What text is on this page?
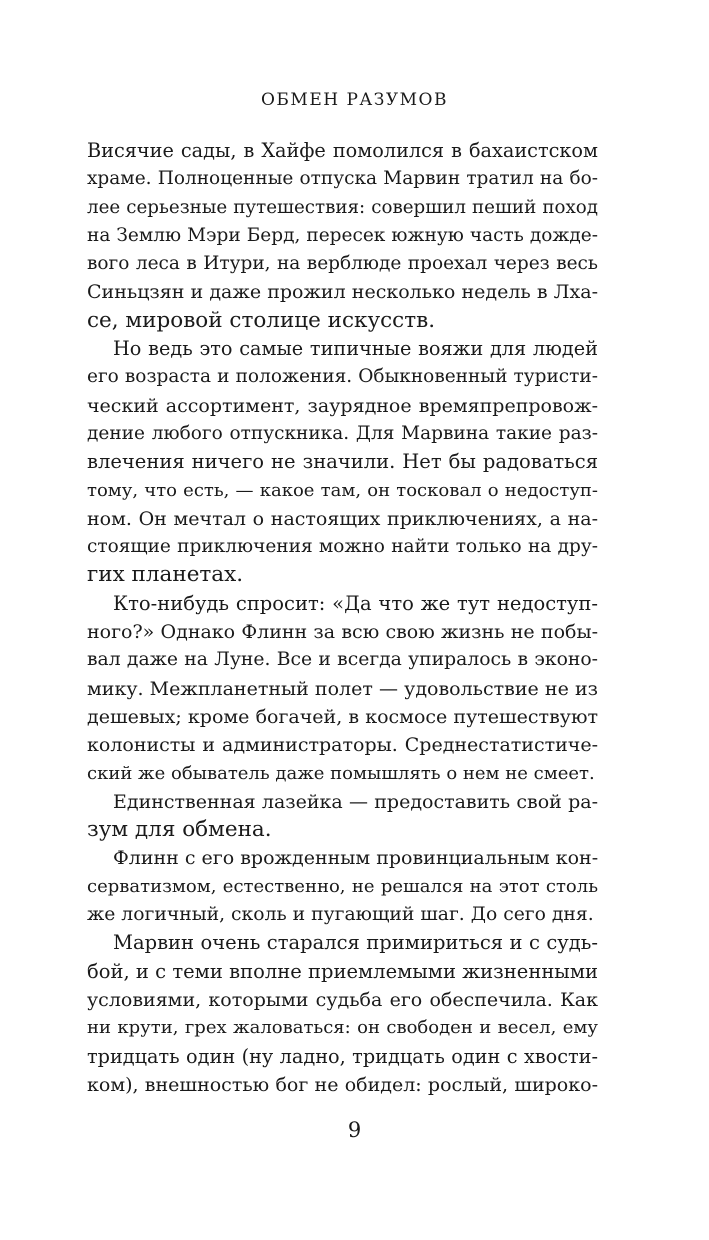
ОБМЕН РАЗУМОВ

Висячие сады, в Хайфе помолился в бахаистском
храме. Полноценные отпуска Марвин тратил на бо-
лее серьезные путешествия: совершил пеший поход
на Землю Мэри Берд, пересек южную часть дожде-
вого леса в Итури, на верблюде проехал через весь
Синьцзян и даже прожил несколько недель в Лха-
се, мировой столице искусств.

Но ведь это самые типичные вояжи для людей
его возраста и положения. Обыкновенный туристи-
ческий ассортимент, заурядное времяпрепровож-
дение любого отпускника. Для Марвина такие раз-
влечения ничего не значили. Нет бы радоваться
тому, что есть, — какое там, он тосковал о недоступ-
ном. Он мечтал о настоящих приключениях, а на-
стоящие приключения можно найти только на дру-
гих планетах.

Кто-нибудь спросит: «Да что же тут недоступ-
ного?» Однако Флинн за всю свою жизнь не побы-
вал даже на Луне. Все и всегда упиралось в эконо-
мику. Межпланетный полет — удовольствие не из
дешевых; кроме богачей, в космосе путешествуют
колонисты и администраторы. Среднестатистиче-
ский же обыватель даже помышлять о нем не смеет.

Единственная лазейка — предоставить свой ра-
зум для обмена.

Флинн с его врожденным провинциальным кон-
серватизмом, естественно, не решался на этот столь
же логичный, сколь и пугающий шаг. До сего дня.

Марвин очень старался примириться и с судь-
бой, и с теми вполне приемлемыми жизненными
условиями, которыми судьба его обеспечила. Как
ни крути, грех жаловаться: он свободен и весел, ему
тридцать один (ну ладно, тридцать один с хвости-
ком), внешностью бог не обидел: рослый, широко-

9
